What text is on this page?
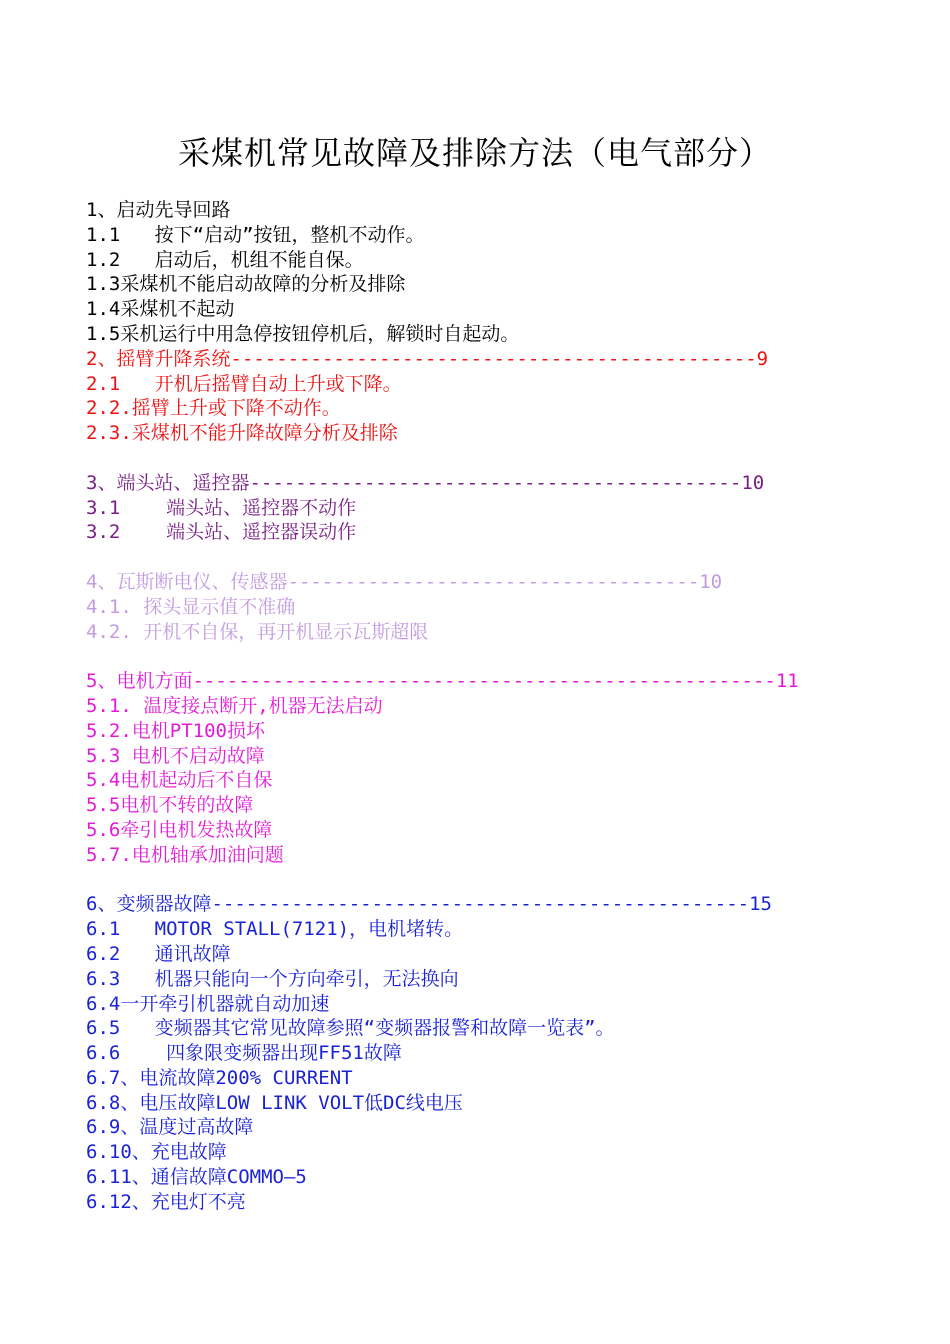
采煤机常见故障及排除方法（电气部分）
1、启动先导回路
1.1   按下“启动”按钮，整机不动作。
1.2   启动后，机组不能自保。
1.3采煤机不能启动故障的分析及排除
1.4采煤机不起动
1.5采机运行中用急停按钮停机后，解锁时自起动。
2、摇臂升降系统----------------------------------------------9
2.1   开机后摇臂自动上升或下降。
2.2.摇臂上升或下降不动作。
2.3.采煤机不能升降故障分析及排除
3、端头站、遥控器-------------------------------------------10
3.1    端头站、遥控器不动作
3.2    端头站、遥控器误动作
4、瓦斯断电仪、传感器------------------------------------10
4.1. 探头显示值不准确
4.2. 开机不自保，再开机显示瓦斯超限
5、电机方面---------------------------------------------------11
5.1. 温度接点断开,机器无法启动
5.2.电机PT100损坏
5.3 电机不启动故障
5.4电机起动后不自保
5.5电机不转的故障
5.6牵引电机发热故障
5.7.电机轴承加油问题
6、变频器故障-----------------------------------------------15
6.1   MOTOR STALL(7121)，电机堵转。
6.2   通讯故障
6.3   机器只能向一个方向牵引，无法换向
6.4一开牵引机器就自动加速
6.5   变频器其它常见故障参照“变频器报警和故障一览表”。
6.6    四象限变频器出现FF51故障
6.7、电流故障200% CURRENT
6.8、电压故障LOW LINK VOLT低DC线电压
6.9、温度过高故障
6.10、充电故障
6.11、通信故障COMMO—5
6.12、充电灯不亮
